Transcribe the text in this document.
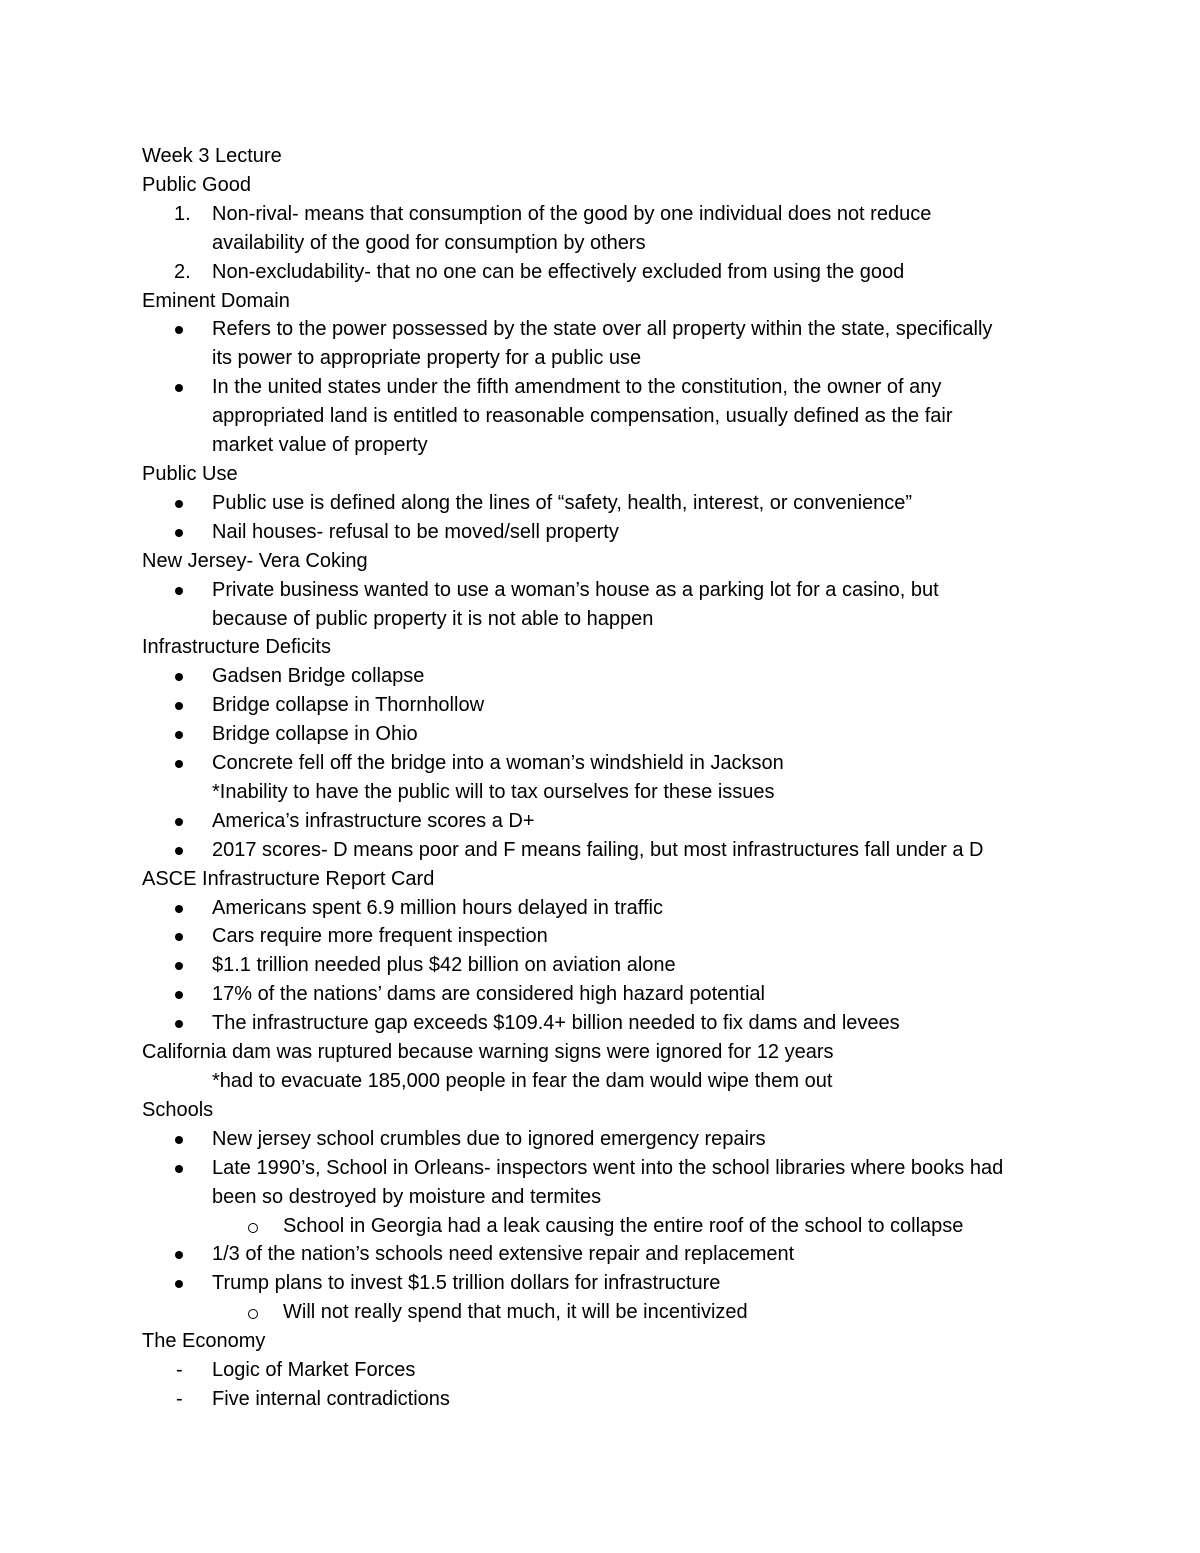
Week 3 Lecture
Public Good
1. Non-rival- means that consumption of the good by one individual does not reduce
availability of the good for consumption by others
2. Non-excludability- that no one can be effectively excluded from using the good
Eminent Domain
Refers to the power possessed by the state over all property within the state, specifically
its power to appropriate property for a public use
In the united states under the fifth amendment to the constitution, the owner of any
appropriated land is entitled to reasonable compensation, usually defined as the fair
market value of property
Public Use
Public use is defined along the lines of “safety, health, interest, or convenience”
Nail houses- refusal to be moved/sell property
New Jersey- Vera Coking
Private business wanted to use a woman’s house as a parking lot for a casino, but
because of public property it is not able to happen
Infrastructure Deficits
Gadsen Bridge collapse
Bridge collapse in Thornhollow
Bridge collapse in Ohio
Concrete fell off the bridge into a woman’s windshield in Jackson
*Inability to have the public will to tax ourselves for these issues
America’s infrastructure scores a D+
2017 scores- D means poor and F means failing, but most infrastructures fall under a D
ASCE Infrastructure Report Card
Americans spent 6.9 million hours delayed in traffic
Cars require more frequent inspection
$1.1 trillion needed plus $42 billion on aviation alone
17% of the nations’ dams are considered high hazard potential
The infrastructure gap exceeds $109.4+ billion needed to fix dams and levees
California dam was ruptured because warning signs were ignored for 12 years
*had to evacuate 185,000 people in fear the dam would wipe them out
Schools
New jersey school crumbles due to ignored emergency repairs
Late 1990’s, School in Orleans- inspectors went into the school libraries where books had
been so destroyed by moisture and termites
School in Georgia had a leak causing the entire roof of the school to collapse
1/3 of the nation’s schools need extensive repair and replacement
Trump plans to invest $1.5 trillion dollars for infrastructure
Will not really spend that much, it will be incentivized
The Economy
- Logic of Market Forces
- Five internal contradictions
